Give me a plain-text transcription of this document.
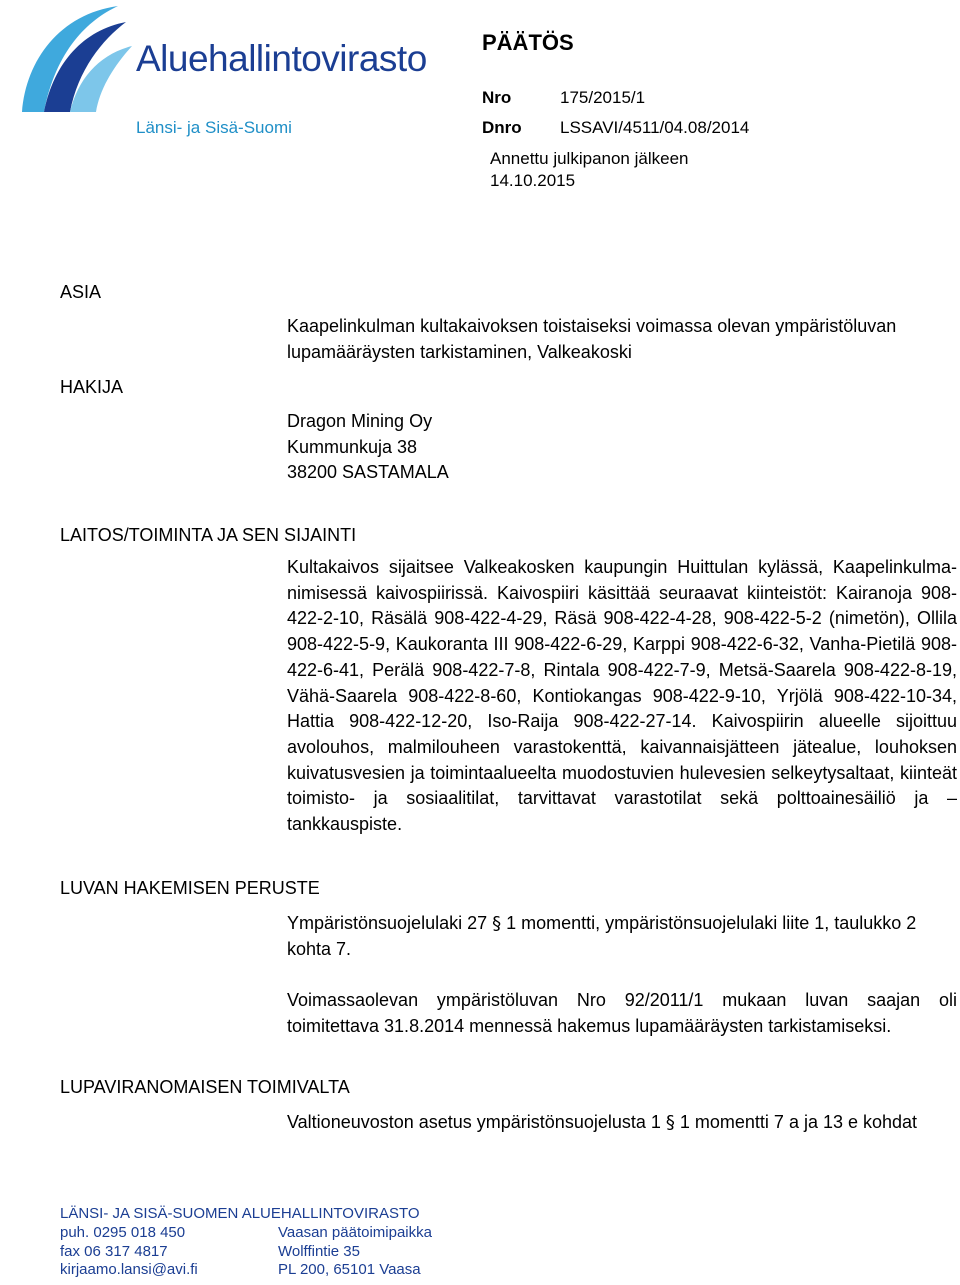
Aluehallintovirasto
Länsi- ja Sisä-Suomi
PÄÄTÖS
Nro	175/2015/1
Dnro LSSAVI/4511/04.08/2014
Annettu julkipanon jälkeen
14.10.2015
ASIA
Kaapelinkulman kultakaivoksen toistaiseksi voimassa olevan ympäristöluvan lupamääräysten tarkistaminen, Valkeakoski
HAKIJA
Dragon Mining Oy
Kummunkuja 38
38200 SASTAMALA
LAITOS/TOIMINTA JA SEN SIJAINTI
Kultakaivos sijaitsee Valkeakosken kaupungin Huittulan kylässä, Kaapelinkulma- nimisessä kaivospiirissä. Kaivospiiri käsittää seuraavat kiinteistöt: Kairanoja 908-422-2-10, Räsälä 908-422-4-29, Räsä 908-422-4-28, 908-422-5-2 (nimetön), Ollila 908-422-5-9, Kaukoranta III 908-422-6-29, Karppi 908-422-6-32, Vanha-Pietilä 908-422-6-41, Perälä 908-422-7-8, Rintala 908-422-7-9, Metsä-Saarela 908-422-8-19, Vähä-Saarela 908-422-8-60, Kontiokangas 908-422-9-10, Yrjölä 908-422-10-34, Hattia 908-422-12-20, Iso-Raija 908-422-27-14. Kaivospiirin alueelle sijoittuu avolouhos, malmilouheen varastokenttä, kaivannaisjätteen jätealue, louhoksen kuivatusvesien ja toimintaalueelta muodostuvien hulevesien selkeytysaltaat, kiinteät toimisto- ja sosiaalitilat, tarvittavat varastotilat sekä polttoainesäiliö ja –tankkauspiste.
LUVAN HAKEMISEN PERUSTE
Ympäristönsuojelulaki 27 § 1 momentti, ympäristönsuojelulaki liite 1, taulukko 2 kohta 7.
Voimassaolevan ympäristöluvan Nro 92/2011/1 mukaan luvan saajan oli toimitettava 31.8.2014 mennessä hakemus lupamääräysten tarkistamiseksi.
LUPAVIRANOMAISEN TOIMIVALTA
Valtioneuvoston asetus ympäristönsuojelusta 1 § 1 momentti 7 a ja 13 e kohdat
LÄNSI- JA SISÄ-SUOMEN ALUEHALLINTOVIRASTO
puh. 0295 018 450
fax 06 317 4817
kirjaamo.lansi@avi.fi
Vaasan päätoimipaikka
Wolffintie 35
PL 200, 65101 Vaasa
